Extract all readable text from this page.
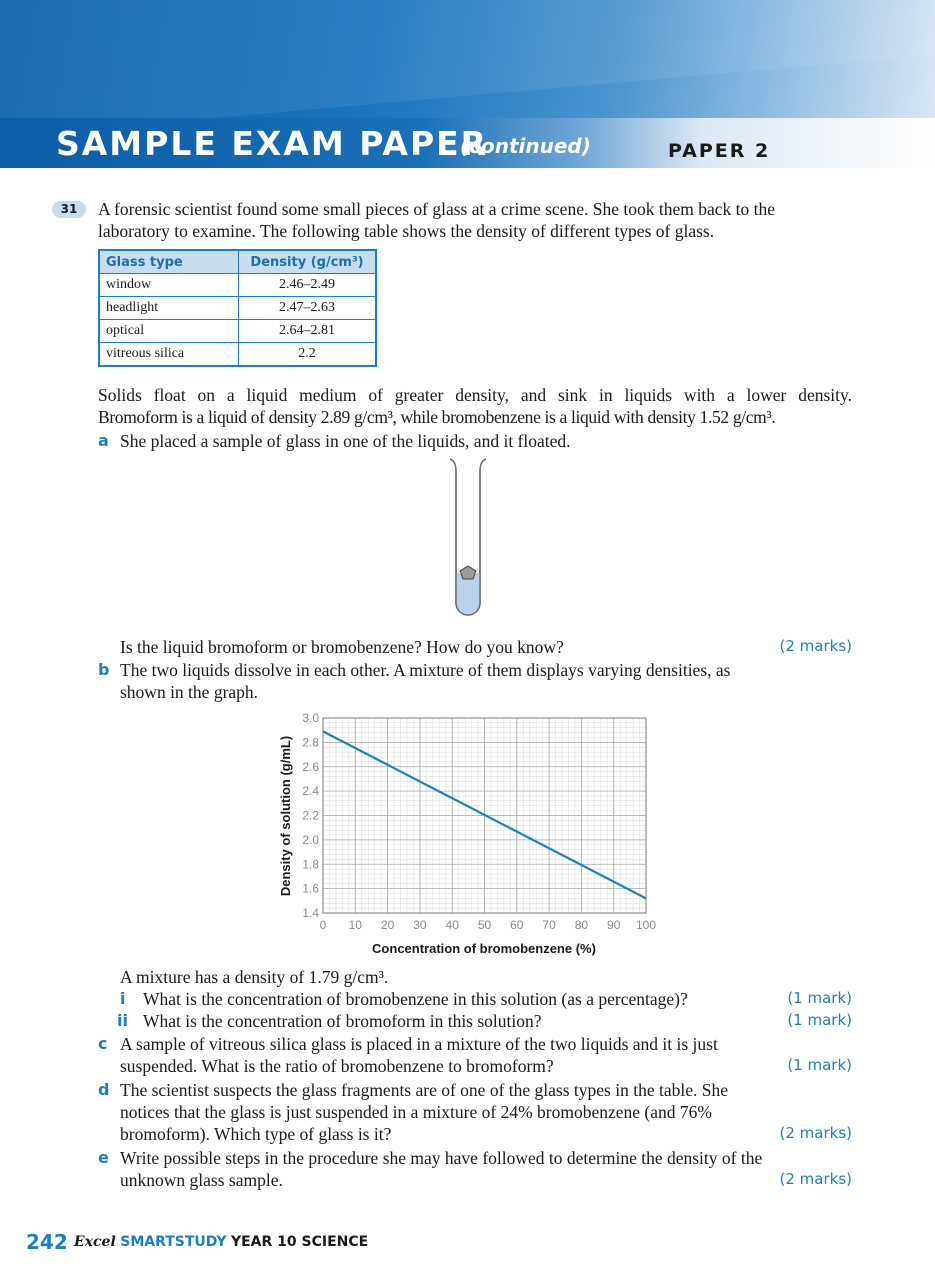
SAMPLE EXAM PAPER
(continued)	PAPER 2
31	A forensic scientist found some small pieces of glass at a crime scene. She took them back to the
laboratory to examine. The following table shows the density of different types of glass.
Glass type	Density (g/cm³)
window	2.46–2.49
headlight	2.47–2.63
optical	2.64–2.81
vitreous silica	2.2
Solids float on a liquid medium of greater density, and sink in liquids with a lower density.
Bromoform is a liquid of density 2.89 g/cm³, while bromobenzene is a liquid with density 1.52 g/cm³.
a She placed a sample of glass in one of the liquids, and it floated.
Is the liquid bromoform or bromobenzene? How do you know?	(2 marks)
b The two liquids dissolve in each other. A mixture of them displays varying densities, as
shown in the graph.
1.4
1.6
1.8
2.0
2.2
2.4
2.6
2.8
3.0
0 10 20 30 40 50 60 70 80 90 100
Concentration of bromobenzene (%)
Density of solution (g/mL)
A mixture has a density of 1.79 g/cm³.
i What is the concentration of bromobenzene in this solution (as a percentage)?	(1 mark)
ii What is the concentration of bromoform in this solution?	(1 mark)
c A sample of vitreous silica glass is placed in a mixture of the two liquids and it is just
suspended. What is the ratio of bromobenzene to bromoform?	(1 mark)
d The scientist suspects the glass fragments are of one of the glass types in the table. She
notices that the glass is just suspended in a mixture of 24% bromobenzene (and 76%
bromoform). Which type of glass is it?	(2 marks)
e Write possible steps in the procedure she may have followed to determine the density of the
unknown glass sample.	(2 marks)
242 Excel SMARTSTUDY YEAR 10 SCIENCE
